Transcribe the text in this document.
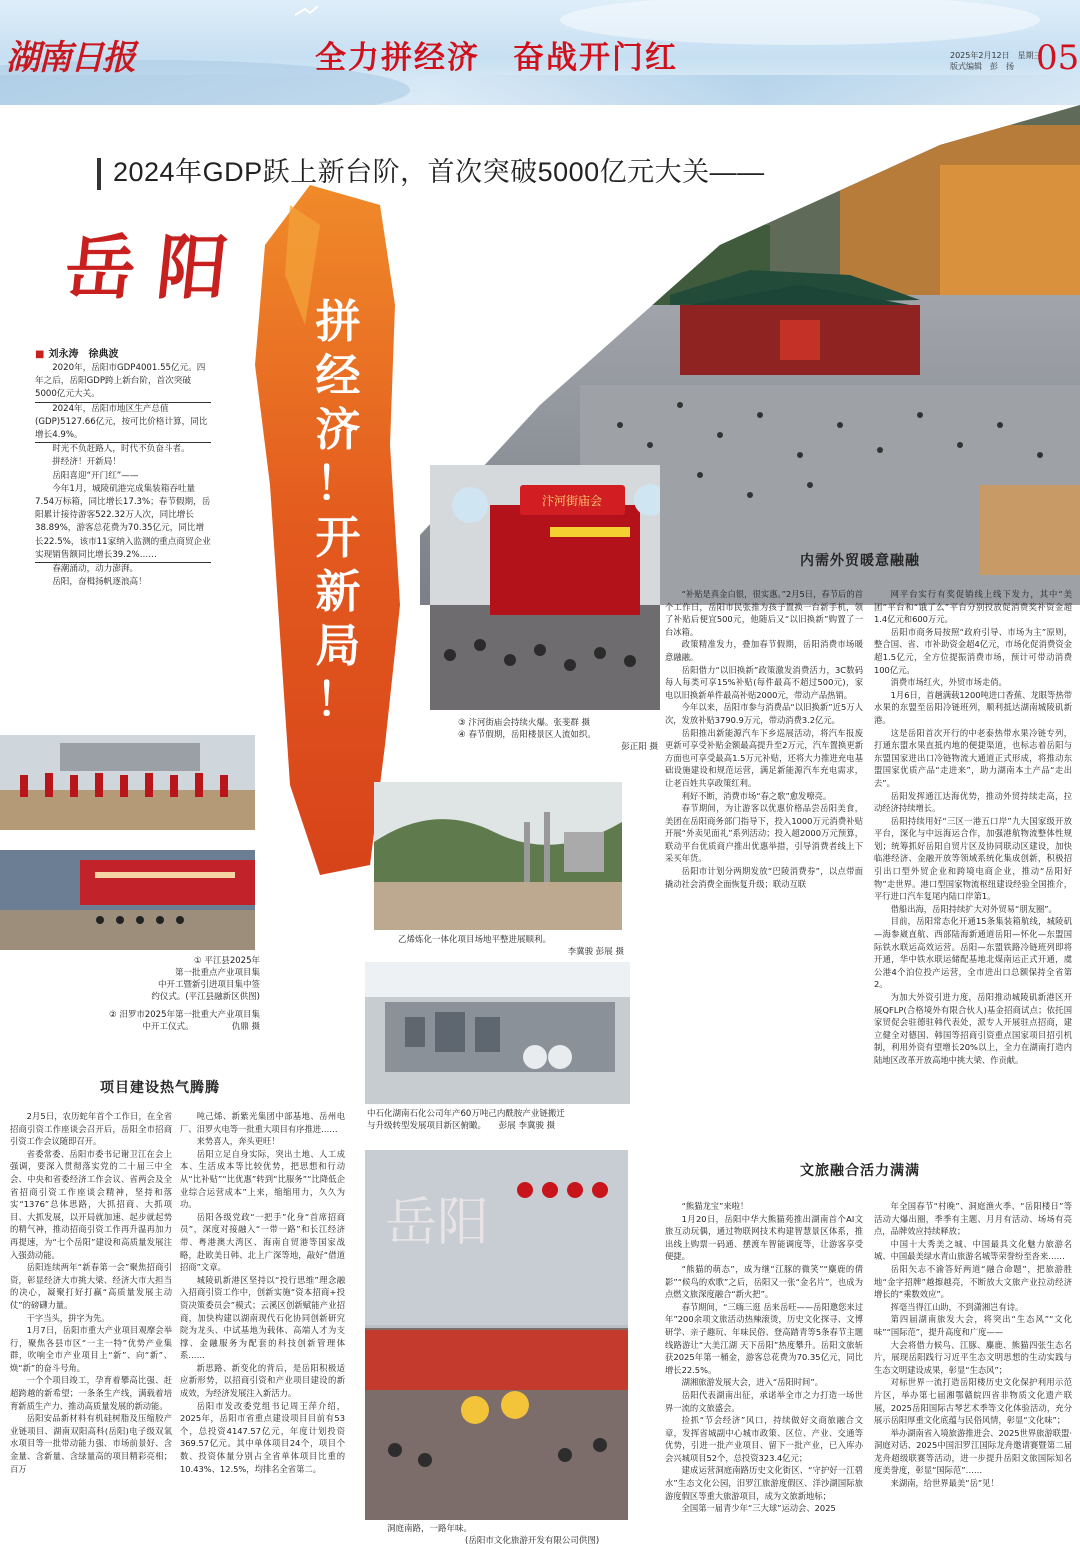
湖南日报	全力拼经济　奋战开门红	2025年2月12日　星期三
版式编辑　彭　扬 05
汴河街庙会
③ 汴河街庙会持续火爆。张斐群 摄
④ 春节假期，岳阳楼景区人流如织。
彭正阳 摄
2024年GDP跃上新台阶，首次突破5000亿元大关——
岳阳
拼
经
济
！
开
新
局
！
■ 刘永涛　徐典波

2020年，岳阳市GDP4001.55亿元。四年之后，岳阳GDP跨上新台阶，首次突破5000亿元大关。

2024年，岳阳市地区生产总值(GDP)5127.66亿元，按可比价格计算，同比增长4.9%。

时光不负赶路人，时代不负奋斗者。

拼经济！开新局！

岳阳喜迎“开门红”——

今年1月，城陵矶港完成集装箱吞吐量7.54万标箱，同比增长17.3%；春节假期，岳阳累计接待游客522.32万人次，同比增长38.89%，游客总花费为70.35亿元，同比增长22.5%，该市11家纳入监测的重点商贸企业实现销售额同比增长39.2%……

春潮涌动，动力澎湃。

岳阳，奋楫扬帆逐浪高！

① 平江县2025年
第一批重点产业项目集
中开工暨新引进项目集中签
约仪式。(平江县融新区供图)
② 汨罗市2025年第一批重大产业项目集
中开工仪式。　　　　　仇鼎 摄
乙烯炼化一体化项目场地平整进展顺利。
李冀骏 彭展 摄
中石化湖南石化公司年产60万吨己内酰胺产业链搬迁
与升级转型发展项目新区俯瞰。　　彭展 李冀骏 摄
岳阳
洞庭南路，一路年味。
(岳阳市文化旅游开发有限公司供图)
内需外贸暖意融融

“补贴是真金白银，很实惠。”2月5日，春节后的首个工作日，岳阳市民张推为孩子置换一台新手机，领了补贴后便宜500元，他随后又“以旧换新”购置了一台冰箱。

政策精准发力，叠加春节假期，岳阳消费市场暖意融融。

岳阳借力“以旧换新”政策激发消费活力，3C数码每人每类可享15%补贴(每件最高不超过500元)，家电以旧换新单件最高补贴2000元，带动产品热销。

今年以来，岳阳市参与消费品“以旧换新”近5万人次，发放补贴3790.9万元，带动消费3.2亿元。

岳阳推出新能源汽车下乡巡展活动，将汽车报废更新可享受补贴金额最高提升至2万元，汽车置换更新方面也可享受最高1.5万元补贴，还将大力推进充电基础设施建设和规范运营，满足新能源汽车充电需求，让老百姓共享政策红利。

利好不断，消费市场“春之歌”愈发嘹亮。

春节期间，为让游客以优惠价格品尝岳阳美食，美团在岳阳商务部门指导下，投入1000万元消费补贴开展“外卖见面礼”系列活动；投入超2000万元预算，联动平台优质商户推出优惠举措，引导消费者线上下采买年货。

岳阳市计划分两期发放“巴陵消费券”，以点带面撬动社会消费全面恢复升级；联动互联

网平台实行有奖促销线上线下发力，其中“美团”平台和“饿了么”平台分别投放促消费奖补资金超1.4亿元和600万元。

岳阳市商务局按照“政府引导、市场为主”原则，整合国、省、市补助资金超4亿元，市场化促消费资金超1.5亿元，全方位提振消费市场，预计可带动消费100亿元。

消费市场红火，外贸市场走俏。

1月6日，首趟满载1200吨进口香蕉、龙眼等热带水果的东盟至岳阳冷链班列，顺利抵达湖南城陵矶新港。

这是岳阳首次开行的中老泰热带水果冷链专列，打通东盟水果直抵内地的便捷渠道，也标志着岳阳与东盟国家进出口冷链物流大通道正式形成，将推动东盟国家优质产品“走进来”，助力湖南本土产品“走出去”。

岳阳发挥通江达海优势，推动外贸持续走高，拉动经济持续增长。

岳阳持续用好“三区一港五口岸”九大国家级开放平台，深化与中远海运合作，加强港航物流整体性规划；统筹抓好岳阳自贸片区及协同联动区建设，加快临港经济、金融开放等领域系统化集成创新，积极招引出口型外贸企业和跨境电商企业，推动“岳阳好物”走世界。港口型国家物流枢纽建设经验全国推介，平行进口汽车复尾内陆口岸第1。

借船出海，岳阳持续扩大对外贸易“朋友圈”。

目前，岳阳常态化开通15条集装箱航线，城陵矶—海参崴直航、西部陆海新通道岳阳—怀化—东盟国际铁水联运高效运营。岳阳—东盟铁路冷链班列即将开通，华中铁水联运储配基地北煤南运正式开通，虞公港4个泊位投产运营，全市进出口总额保持全省第2。

为加大外资引进力度，岳阳推动城陵矶新港区开展QFLP(合格境外有限合伙人)基金招商试点；依托国家贸促会驻德驻韩代表处，派专人开展驻点招商，建立健全对德国、韩国等招商引资重点国家项目招引机制，利用外资有望增长20%以上，全力在湖南打造内陆地区改革开放高地中挑大梁、作贡献。

项目建设热气腾腾

2月5日，农历蛇年首个工作日，在全省招商引资工作座谈会召开后，岳阳全市招商引资工作会议随即召开。

省委常委、岳阳市委书记谢卫江在会上强调，要深入贯彻落实党的二十届三中全会、中央和省委经济工作会议、省两会及全省招商引资工作座谈会精神，坚持和落实“1376”总体思路，大抓招商、大抓项目、大抓发展，以开局就加速、起步就起势的精气神，推动招商引资工作再升温再加力再提速，为“七个岳阳”建设和高质量发展注入强劲动能。

岳阳连续两年“新春第一会”聚焦招商引资，彰显经济大市挑大梁、经济大市大担当的决心，凝聚打好打赢“高质量发展主动仗”的磅礴力量。

干字当头，拼字为先。

1月7日，岳阳市重大产业项目观摩会举行，聚焦各县市区“一主一特”优势产业集群，吹响全市产业项目上“新”、向“新”、焕“新”的奋斗号角。

一个个项目竣工，孕育着攀高比强、赶超跨越的新希望；一条条生产线，满载着培育新质生产力、推动高质量发展的新动能。

岳阳安品新材料有机硅树脂及压缩胶产业链项目、湖南双阳高科(岳阳)电子级双氧水项目等一批带动能力强、市场前景好、含金量、含新量、含绿量高的项目精彩亮相；百万

吨己烯、新紫光集团中部基地、岳州电厂、汨罗火电等一批重大项目有序推进……

来势喜人，奔头更旺！

岳阳立足自身实际，突出土地、人工成本、生活成本等比较优势，把思想和行动从“比补贴”“比优惠”转到“比服务”“比降低企业综合运营成本”上来，缩缩用力，久久为功。

岳阳各级党政“一把手”化身“首席招商员”，深度对接融入“一带一路”和长江经济带、粤港澳大湾区、海南自贸港等国家战略，赴欧美日韩、北上广深等地，敲好“借道招商”文章。

城陵矶新港区坚持以“投行思维”理念融入招商引资工作中，创新实施“资本招商+投资决策委员会”模式；云溪区创新赋能产业招商，加快构建以湖南现代石化协同创新研究院为龙头、中试基地为载体、高端人才为支撑、金融服务为配套的科技创新管理体系……

新思路、新变化的背后，是岳阳积极适应新形势，以招商引资和产业项目建设的新成效，为经济发展注入新活力。

岳阳市发改委党组书记周王萍介绍，2025年，岳阳市省重点建设项目目前有53个，总投资4147.57亿元，年度计划投资369.57亿元。其中单体项目24个，项目个数、投资体量分别占全省单体项目比重的10.43%、12.5%，均排名全省第二。

文旅融合活力满满

“熊猫龙宝”来啦！

1月20日，岳阳中华大熊猫苑推出湖南首个AI文旅互动玩偶，通过物联网技术构建智慧景区体系，推出线上购票一码通、摆渡车智能调度等，让游客享受便捷。

“熊猫的萌态”，成为继“江豚的微笑”“麋鹿的倩影”“候鸟的欢歌”之后，岳阳又一张“金名片”，也成为点燃文旅深度融合“新火把”。

春节期间，“三嗨三逛 岳来岳旺——岳阳邀您来过年”200余项文旅活动热辣滚烫，历史文化探寻、文博研学、亲子趣玩、年味民俗、登高踏青等5条春节主题线路游让“大美江湖 天下岳阳”热度攀升。岳阳文旅斩获2025年第一桶金，游客总花费为70.35亿元，同比增长22.5%。

湖湘旅游发展大会，进入“岳阳时间”。

岳阳代表湖南出征，承诺举全市之力打造一场世界一流的文旅盛会。

捡抓“节会经济”风口，持续做好文商旅融合文章，发挥省城副中心城市政策、区位、产业、交通等优势，引进一批产业项目、留下一批产业，已入库办会兴城项目52个，总投资323.4亿元；

建成运营洞庭南路历史文化街区、“守护好一江碧水”生态文化公园，汨罗江旅游度假区、洋沙湖国际旅游度假区等重大旅游项目，成为文旅新地标；

全国第一届青少年“三大球”运动会、2025

年全国春节“村晚”、洞庭渔火季、“岳阳楼日”等活动大爆出圈，季季有主题、月月有活动、场场有亮点，品牌效应持续释放；

中国十大秀美之城、中国最具文化魅力旅游名城、中国最美绿水青山旅游名城等荣誉纷至沓来……

岳阳矢志不渝答好两道“融合命题”，把旅游胜地“金字招牌”越擦越亮，不断放大文旅产业拉动经济增长的“乘数效应”。

挥毫当得江山助，不到潇湘岂有诗。

第四届湖南旅发大会，将突出“生态风”“文化味”“国际范”，提升高度和广度——

大会将借力候鸟、江豚、麋鹿、熊猫四张生态名片，展现岳阳践行习近平生态文明思想的生动实践与生态文明建设成果，彰显“生态风”；

对标世界一流打造岳阳楼历史文化保护利用示范片区，举办第七届湘鄂赣皖四省非物质文化遗产联展，2025岳阳国际古琴艺术季等文化体验活动，充分展示岳阳厚重文化底蕴与民俗风情，彰显“文化味”；

举办湖南省入境旅游推进会、2025世界旅游联盟·洞庭对话、2025中国汨罗江国际龙舟邀请赛暨第二届龙舟超级联赛等活动，进一步提升岳阳文旅国际知名度美誉度，彰显“国际范”……

来湖南，给世界最美“岳”见！
